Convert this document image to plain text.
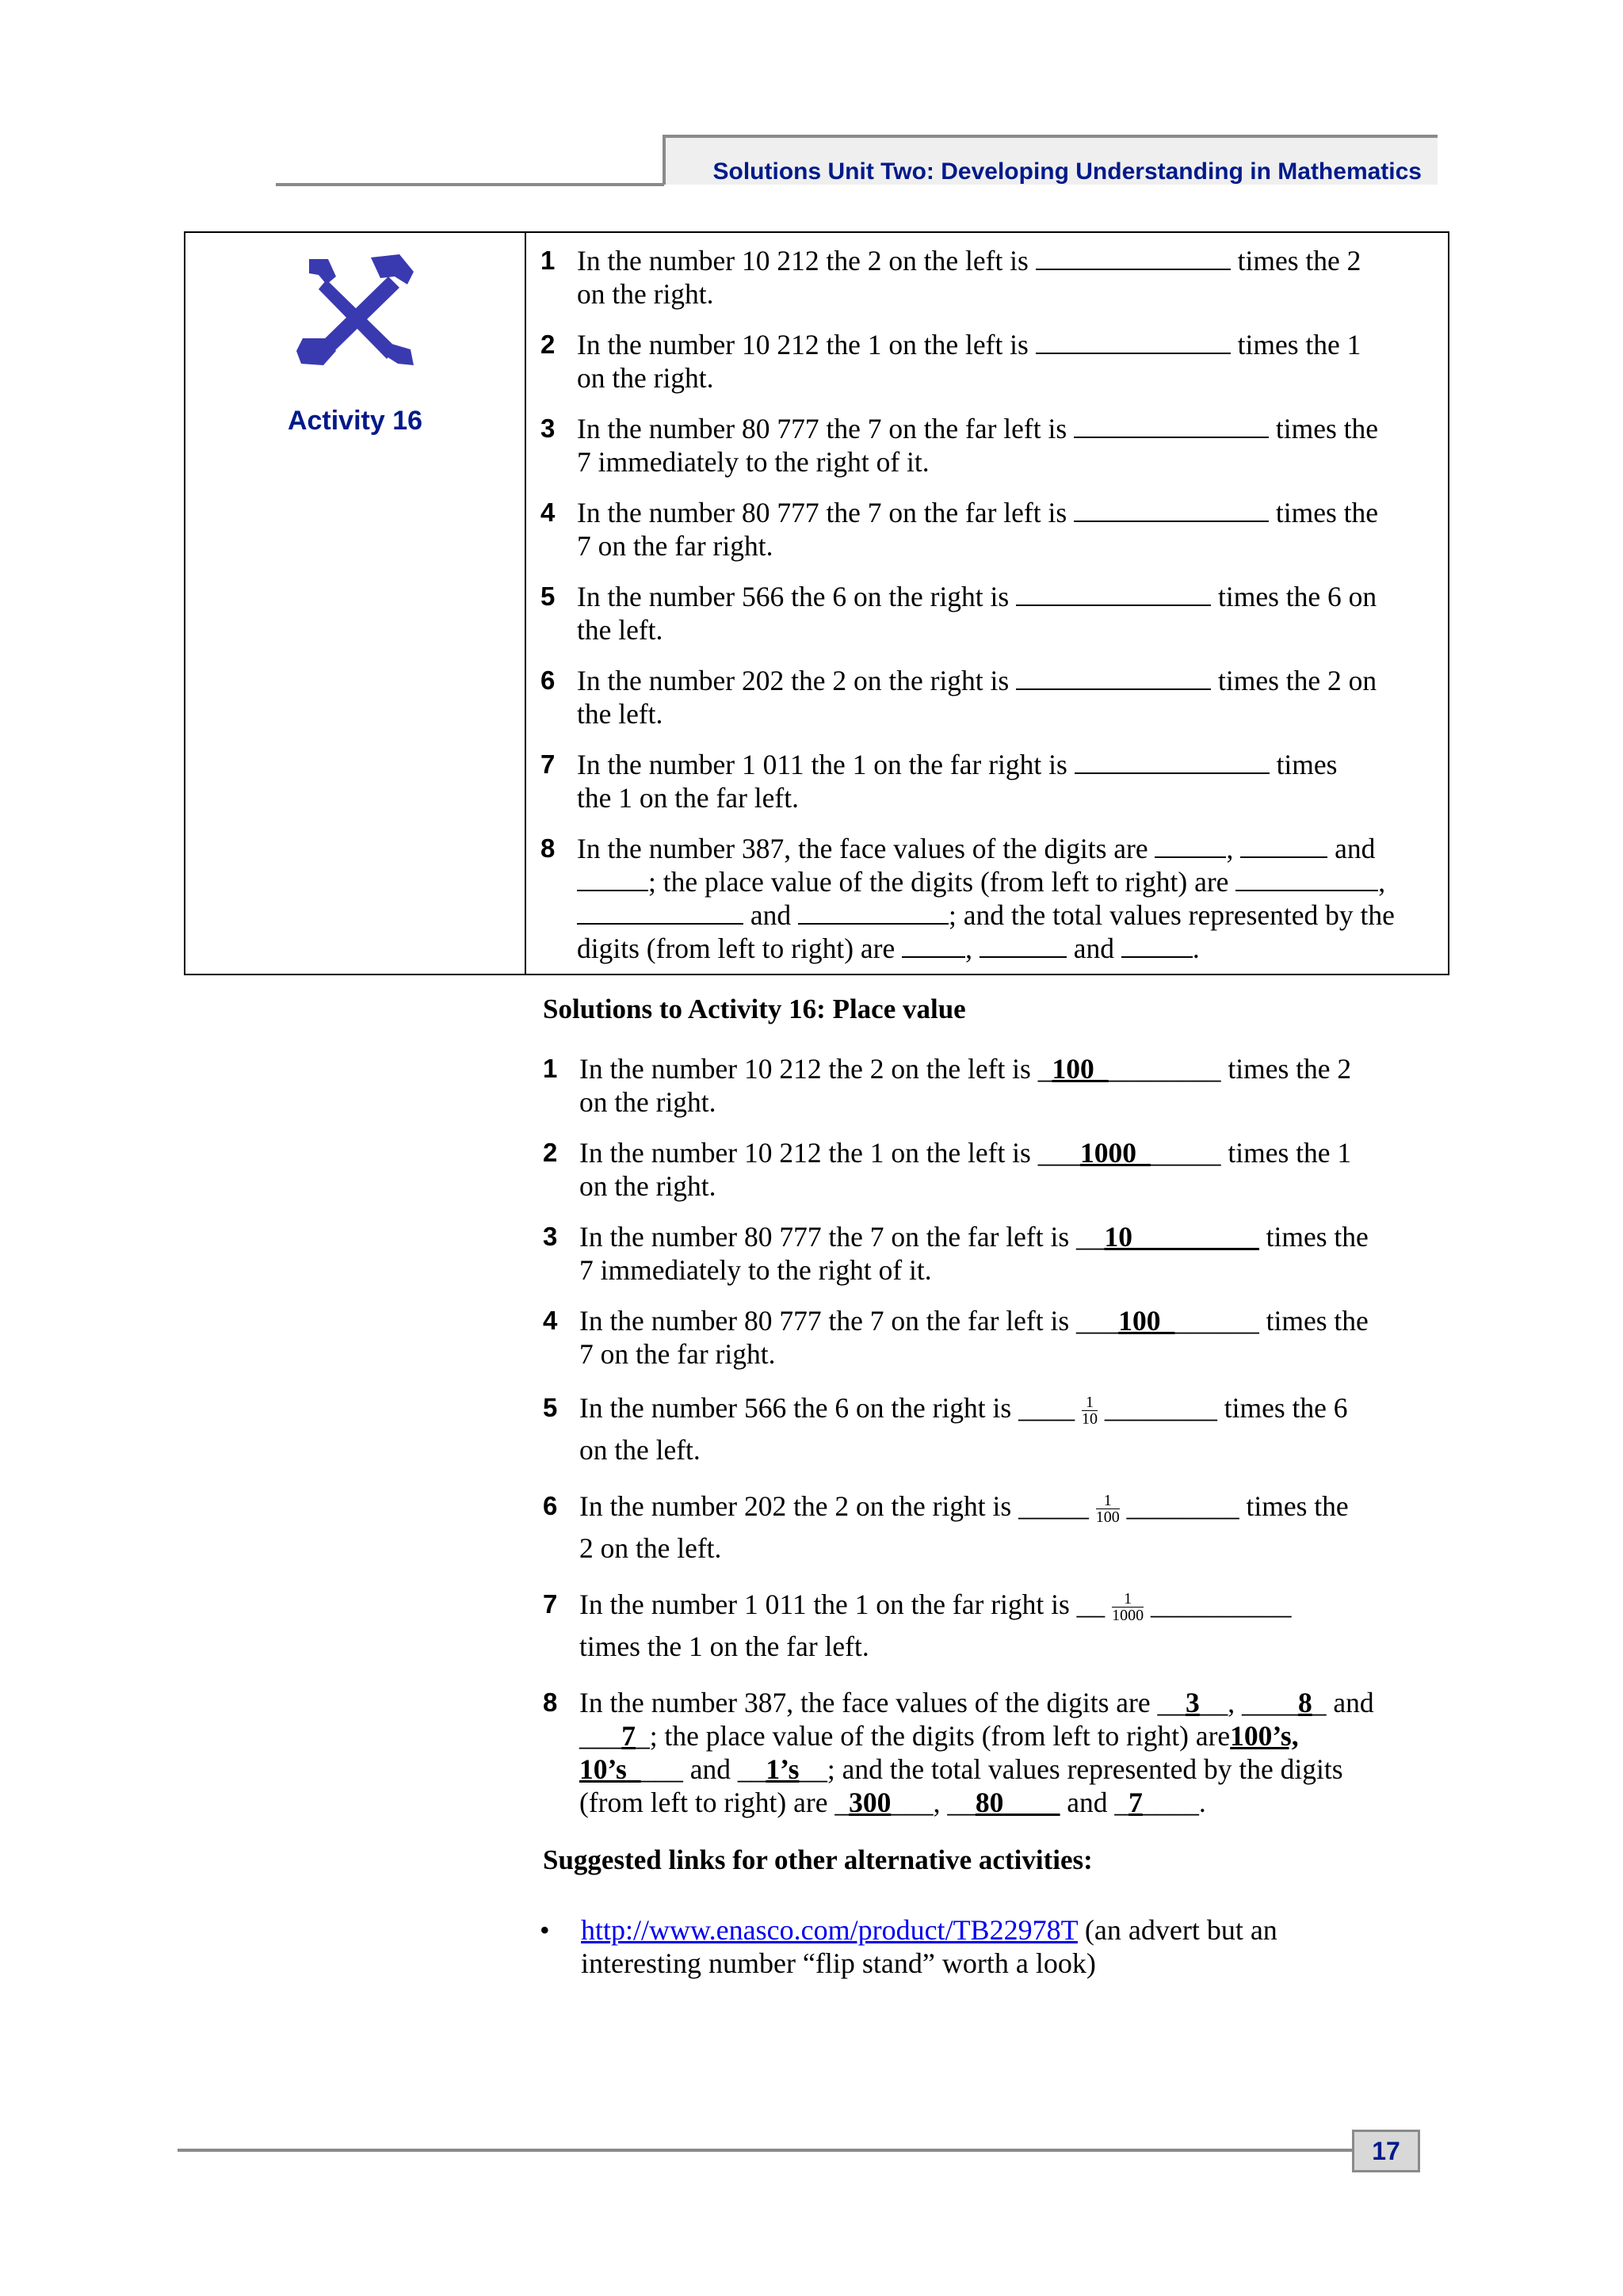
Solutions Unit Two: Developing Understanding in Mathematics
Activity 16
1 In the number 10 212 the 2 on the left is	times the 2
on the right.
2 In the number 10 212 the 1 on the left is	times the 1
on the right.
3 In the number 80 777 the 7 on the far left is	times the
7 immediately to the right of it.
4 In the number 80 777 the 7 on the far left is	times the
7 on the far right.
5 In the number 566 the 6 on the right is	times the 6 on
the left.
6 In the number 202 the 2 on the right is	times the 2 on
the left.
7 In the number 1 011 the 1 on the far right is	times
the 1 on the far left.
8 In the number 387, the face values of the digits are	,	and
; the place value of the digits (from left to right) are	,
and	; and the total values represented by the
digits (from left to right) are ,	and	.
Solutions to Activity 16: Place value
1 In the number 10 212 the 2 on the left is _100_________ times the 2
on the right.
2 In the number 10 212 the 1 on the left is ___1000______ times the 1
on the right.
3 In the number 80 777 the 7 on the far left is __10_________ times the
7 immediately to the right of it.
4 In the number 80 777 the 7 on the far left is ___100_______ times the
7 on the far right.
5 In the number 566 the 6 on the right is ____ $\frac{1}{10}$ ________ times the 6
on the left.
6 In the number 202 the 2 on the right is _____ $\frac{1}{100}$ ________ times the
2 on the left.
7 In the number 1 011 the 1 on the far right is __ $\frac{1}{1000}$ __________
times the 1 on the far left.
8 In the number 387, the face values of the digits are __3__, ____8_ and
___7_; the place value of the digits (from left to right) are100’s,
10’s____ and __1’s__; and the total values represented by the digits
(from left to right) are _300___, __80____ and _7____.
Suggested links for other alternative activities:
• http://www.enasco.com/product/TB22978T (an advert but an
interesting number “flip stand” worth a look)
17
